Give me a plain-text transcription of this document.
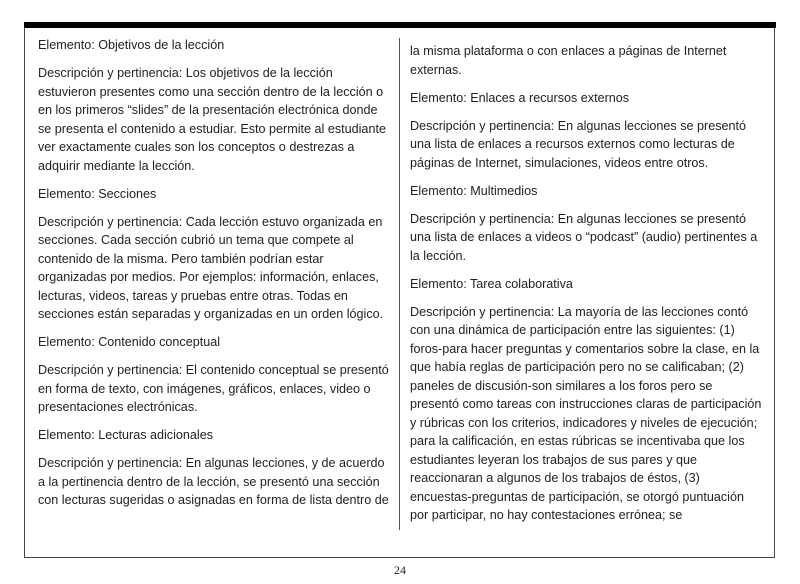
Elemento: Objetivos de la lección

Descripción y pertinencia: Los objetivos de la lección estuvieron presentes como una sección dentro de la lección o en los primeros “slides” de la presentación electrónica donde se presenta el contenido a estudiar. Esto permite al estudiante ver exactamente cuales son los conceptos o destrezas a adquirir mediante la lección.

Elemento: Secciones

Descripción y pertinencia: Cada lección estuvo organizada en secciones. Cada sección cubrió un tema que compete al contenido de la misma. Pero también podrían estar organizadas por medios. Por ejemplos: información, enlaces, lecturas, videos, tareas y pruebas entre otras. Todas en secciones están separadas y organizadas en un orden lógico.

Elemento: Contenido conceptual

Descripción y pertinencia: El contenido conceptual se presentó en forma de texto, con imágenes, gráficos, enlaces, video o presentaciones electrónicas.

Elemento: Lecturas adicionales

Descripción y pertinencia: En algunas lecciones, y de acuerdo a la pertinencia dentro de la lección, se presentó una sección con lecturas sugeridas o asignadas en forma de lista dentro de

la misma plataforma o con enlaces a páginas de Internet externas.

Elemento: Enlaces a recursos externos

Descripción y pertinencia: En algunas lecciones se presentó una lista de enlaces a recursos externos como lecturas de páginas de Internet, simulaciones, videos entre otros.

Elemento: Multimedios

Descripción y pertinencia: En algunas lecciones se presentó una lista de enlaces a videos o “podcast” (audio) pertinentes a la lección.

Elemento: Tarea colaborativa

Descripción y pertinencia: La mayoría de las lecciones contó con una dinámica de participación entre las siguientes: (1) foros-para hacer preguntas y comentarios sobre la clase, en la que había reglas de participación pero no se calificaban; (2) paneles de discusión-son similares a los foros pero se presentó como tareas con instrucciones claras de participación y rúbricas con los criterios, indicadores y niveles de ejecución; para la calificación, en estas rúbricas se incentivaba que los estudiantes leyeran los trabajos de sus pares y que reaccionaran a algunos de los trabajos de éstos, (3) encuestas-preguntas de participación, se otorgó puntuación por participar, no hay contestaciones errónea; se

24
